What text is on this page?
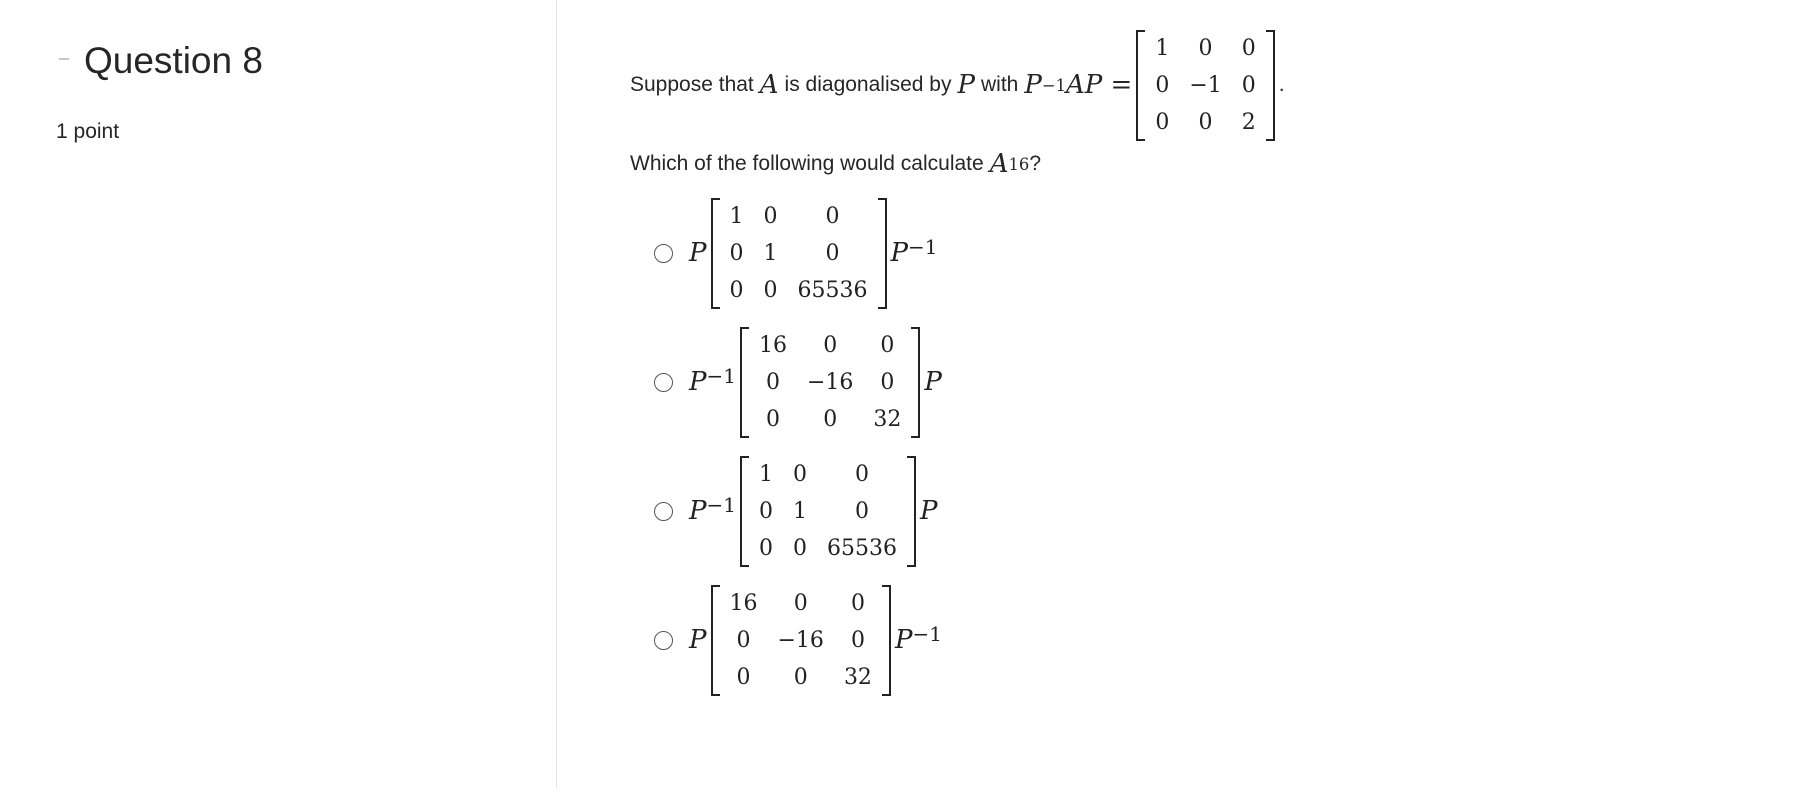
Question 8
1 point
Suppose that A is diagonalised by P with P −1 AP =
1	0	0
0	−1	0
0	0	2
.
Which of the following would calculate A 16 ?
P
1	0	0
0	1	0
0	0	65536
$P^{-1}$
$P^{-1}$
16	0	0
0	−16	0
0	0	32
P
$P^{-1}$
1	0	0
0	1	0
0	0	65536
P
P
16	0	0
0	−16	0
0	0	32
$P^{-1}$
